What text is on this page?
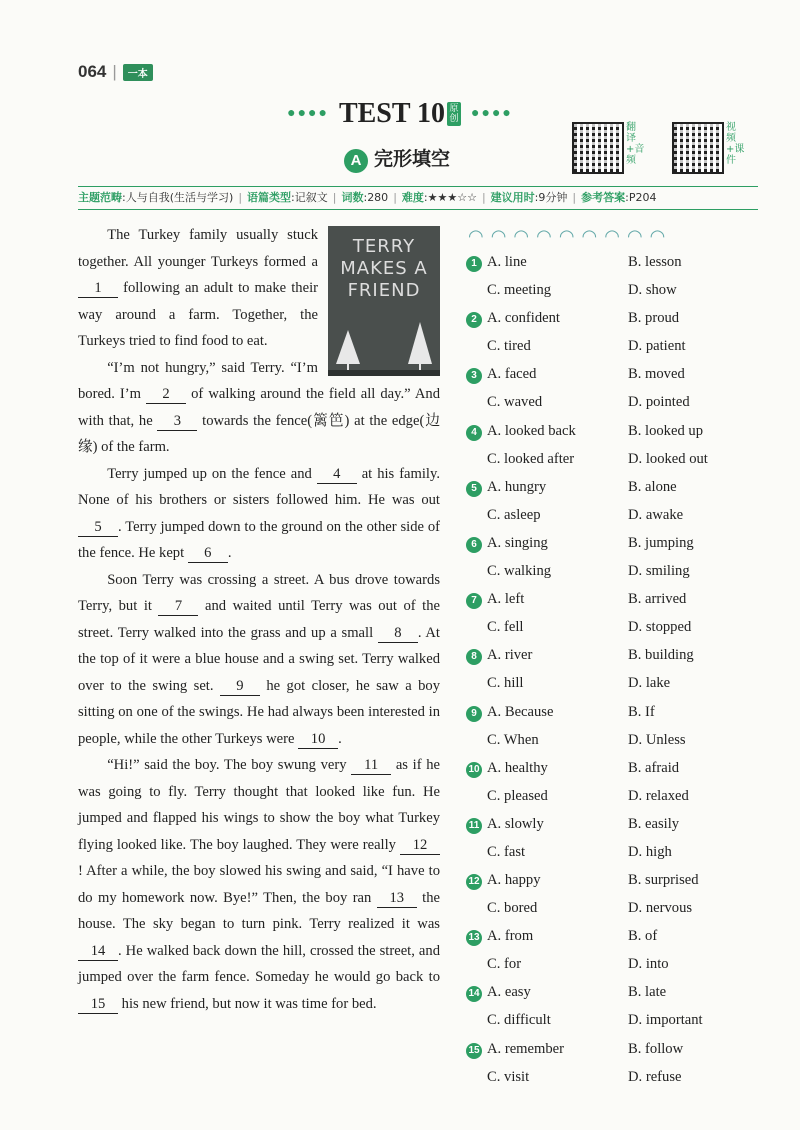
064 | 一本
●●●● TEST 10 原创 ●●●●
A 完形填空
翻译+音频
视频+课件
主题范畴:人与自我(生活与学习) | 语篇类型:记叙文 | 词数:280 | 难度:★★★☆☆ | 建议用时:9分钟 | 参考答案:P204
TERRY MAKES A FRIEND

The Turkey family usually stuck together. All younger Turkeys formed a 1 following an adult to make their way around a farm. Together, the Turkeys tried to find food to eat.

“I’m not hungry,” said Terry. “I’m bored. I’m 2 of walking around the field all day.” And with that, he 3 towards the fence(篱笆) at the edge(边缘) of the farm.

Terry jumped up on the fence and 4 at his family. None of his brothers or sisters followed him. He was out 5 . Terry jumped down to the ground on the other side of the fence. He kept 6 .

Soon Terry was crossing a street. A bus drove towards Terry, but it 7 and waited until Terry was out of the street. Terry walked into the grass and up a small 8 . At the top of it were a blue house and a swing set. Terry walked over to the swing set. 9 he got closer, he saw a boy sitting on one of the swings. He had always been interested in people, while the other Turkeys were 10 .

“Hi!” said the boy. The boy swung very 11 as if he was going to fly. Terry thought that looked like fun. He jumped and flapped his wings to show the boy what Turkey flying looked like. The boy laughed. They were really 12! After a while, the boy slowed his swing and said, “I have to do my homework now. Bye!” Then, the boy ran 13 the house. The sky began to turn pink. Terry realized it was 14 . He walked back down the hill, crossed the street, and jumped over the farm fence. Someday he would go back to 15 his new friend, but now it was time for bed.

◠◠◠◠◠◠◠◠◠
1 A. line	B. lesson
C. meeting	D. show
2 A. confident	B. proud
C. tired	D. patient
3 A. faced	B. moved
C. waved	D. pointed
4 A. looked back	B. looked up
C. looked after	D. looked out
5 A. hungry	B. alone
C. asleep	D. awake
6 A. singing	B. jumping
C. walking	D. smiling
7 A. left	B. arrived
C. fell	D. stopped
8 A. river	B. building
C. hill	D. lake
9 A. Because	B. If
C. When	D. Unless
10 A. healthy	B. afraid
C. pleased	D. relaxed
11 A. slowly	B. easily
C. fast	D. high
12 A. happy	B. surprised
C. bored	D. nervous
13 A. from	B. of
C. for	D. into
14 A. easy	B. late
C. difficult	D. important
15 A. remember	B. follow
C. visit	D. refuse
